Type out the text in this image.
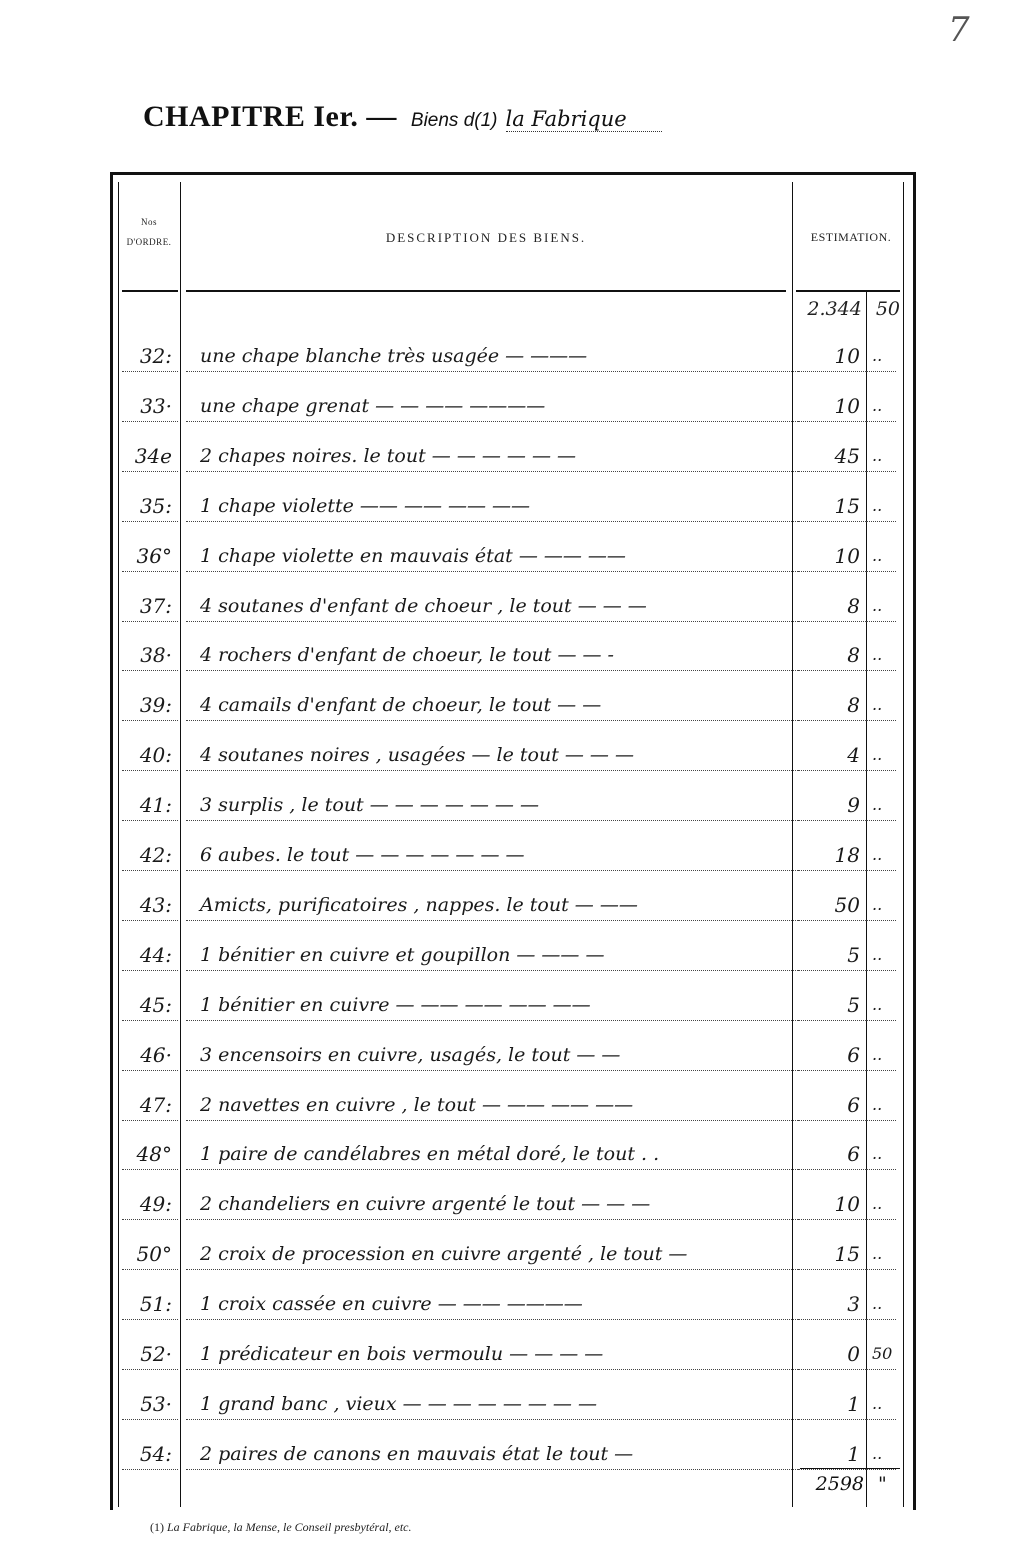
7
CHAPITRE Ier. — Biens d(1) la Fabrique
Nos
D'ORDRE.	DESCRIPTION DES BIENS.	ESTIMATION.
2.344 50
32:	une chape blanche très usagée — ———	10 ..
33·	une chape grenat — — —— ————	10 ..
34e	2 chapes noires. le tout — — — — — —	45 ..
35:	1 chape violette —— —— —— ——	15 ..
36°	1 chape violette en mauvais état — —— ——	10 ..
37:	4 soutanes d'enfant de choeur , le tout — — —	8 ..
38·	4 rochers d'enfant de choeur, le tout — — -	8 ..
39:	4 camails d'enfant de choeur, le tout — —	8 ..
40:	4 soutanes noires , usagées — le tout — — —	4 ..
41:	3 surplis , le tout — — — — — — —	9 ..
42:	6 aubes. le tout — — — — — — —	18 ..
43:	Amicts, purificatoires , nappes. le tout — ——	50 ..
44:	1 bénitier en cuivre et goupillon — —— —	5 ..
45:	1 bénitier en cuivre — —— —— —— ——	5 ..
46·	3 encensoirs en cuivre, usagés, le tout — —	6 ..
47:	2 navettes en cuivre , le tout — —— —— ——	6 ..
48°	1 paire de candélabres en métal doré, le tout . .	6 ..
49:	2 chandeliers en cuivre argenté le tout — — —	10 ..
50°	2 croix de procession en cuivre argenté , le tout —	15 ..
51:	1 croix cassée en cuivre — —— ————	3 ..
52·	1 prédicateur en bois vermoulu — — — —	0 50
53·	1 grand banc , vieux — — — — — — — —	1 ..
54:	2 paires de canons en mauvais état le tout —	1 ..
2598 "
(1) La Fabrique, la Mense, le Conseil presbytéral, etc.
